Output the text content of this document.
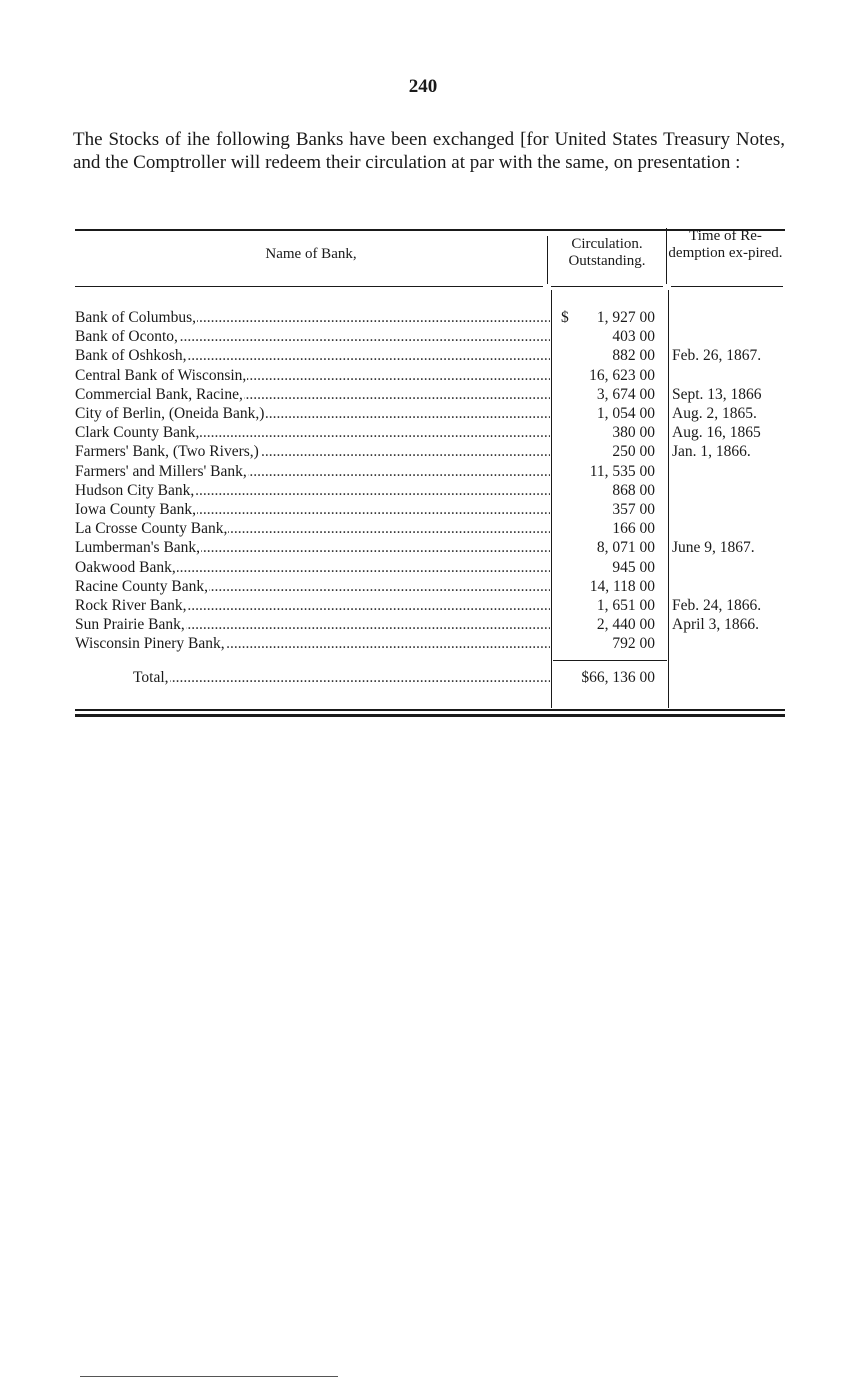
240
The Stocks of ihe following Banks have been exchanged [for United States Treasury Notes, and the Comptroller will redeem their circulation at par with the same, on presentation :
Name of Bank,
Circulation. Outstanding.
Time of Re-demption ex-pired.
.....
Bank of Columbus,	$	1, 927 00
.....
Bank of Oconto,	403 00
.....
Bank of Oshkosh,	882 00 Feb. 26, 1867.
.....
Central Bank of Wisconsin,	16, 623 00
.....
Commercial Bank, Racine,	3, 674 00 Sept. 13, 1866
.....
City of Berlin, (Oneida Bank,)	1, 054 00 Aug. 2, 1865.
.....
Clark County Bank,	380 00 Aug. 16, 1865
.....
Farmers' Bank, (Two Rivers,)	250 00 Jan. 1, 1866.
.....
Farmers' and Millers' Bank,	11, 535 00
.....
Hudson City Bank,	868 00
.....
Iowa County Bank,	357 00
.....
La Crosse County Bank,	166 00
.....
Lumberman's Bank,	8, 071 00 June 9, 1867.
.....
Oakwood Bank,	945 00
.....
Racine County Bank,	14, 118 00
.....
Rock River Bank,	1, 651 00 Feb. 24, 1866.
.....
Sun Prairie Bank,	2, 440 00 April 3, 1866.
.....
Wisconsin Pinery Bank,	792 00
.....
Total,	$66, 136 00
